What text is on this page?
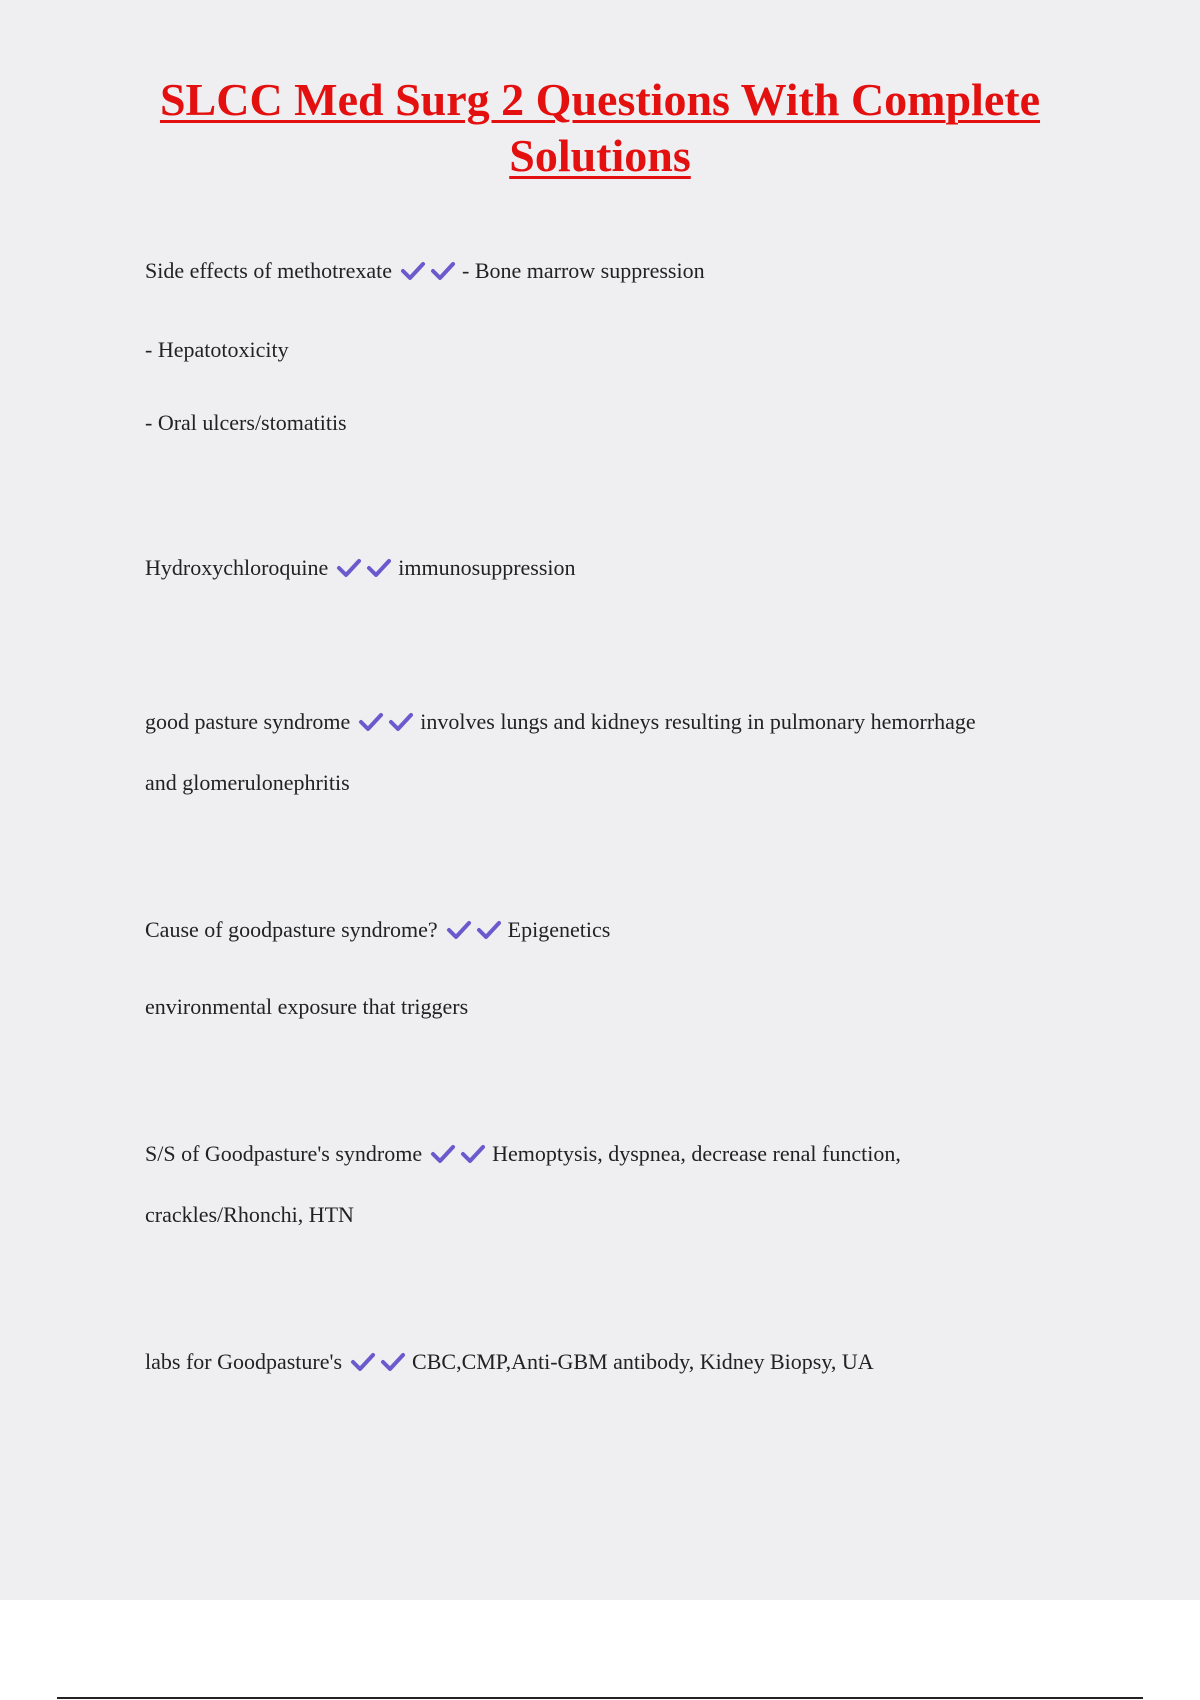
SLCC Med Surg 2 Questions With Complete
Solutions

Side effects of methotrexate	- Bone marrow suppression

- Hepatotoxicity

- Oral ulcers/stomatitis

Hydroxychloroquine	immunosuppression

good pasture syndrome	involves lungs and kidneys resulting in pulmonary hemorrhage

and glomerulonephritis

Cause of goodpasture syndrome?	Epigenetics

environmental exposure that triggers

S/S of Goodpasture's syndrome	Hemoptysis, dyspnea, decrease renal function,

crackles/Rhonchi, HTN

labs for Goodpasture's	CBC,CMP,Anti-GBM antibody, Kidney Biopsy, UA
